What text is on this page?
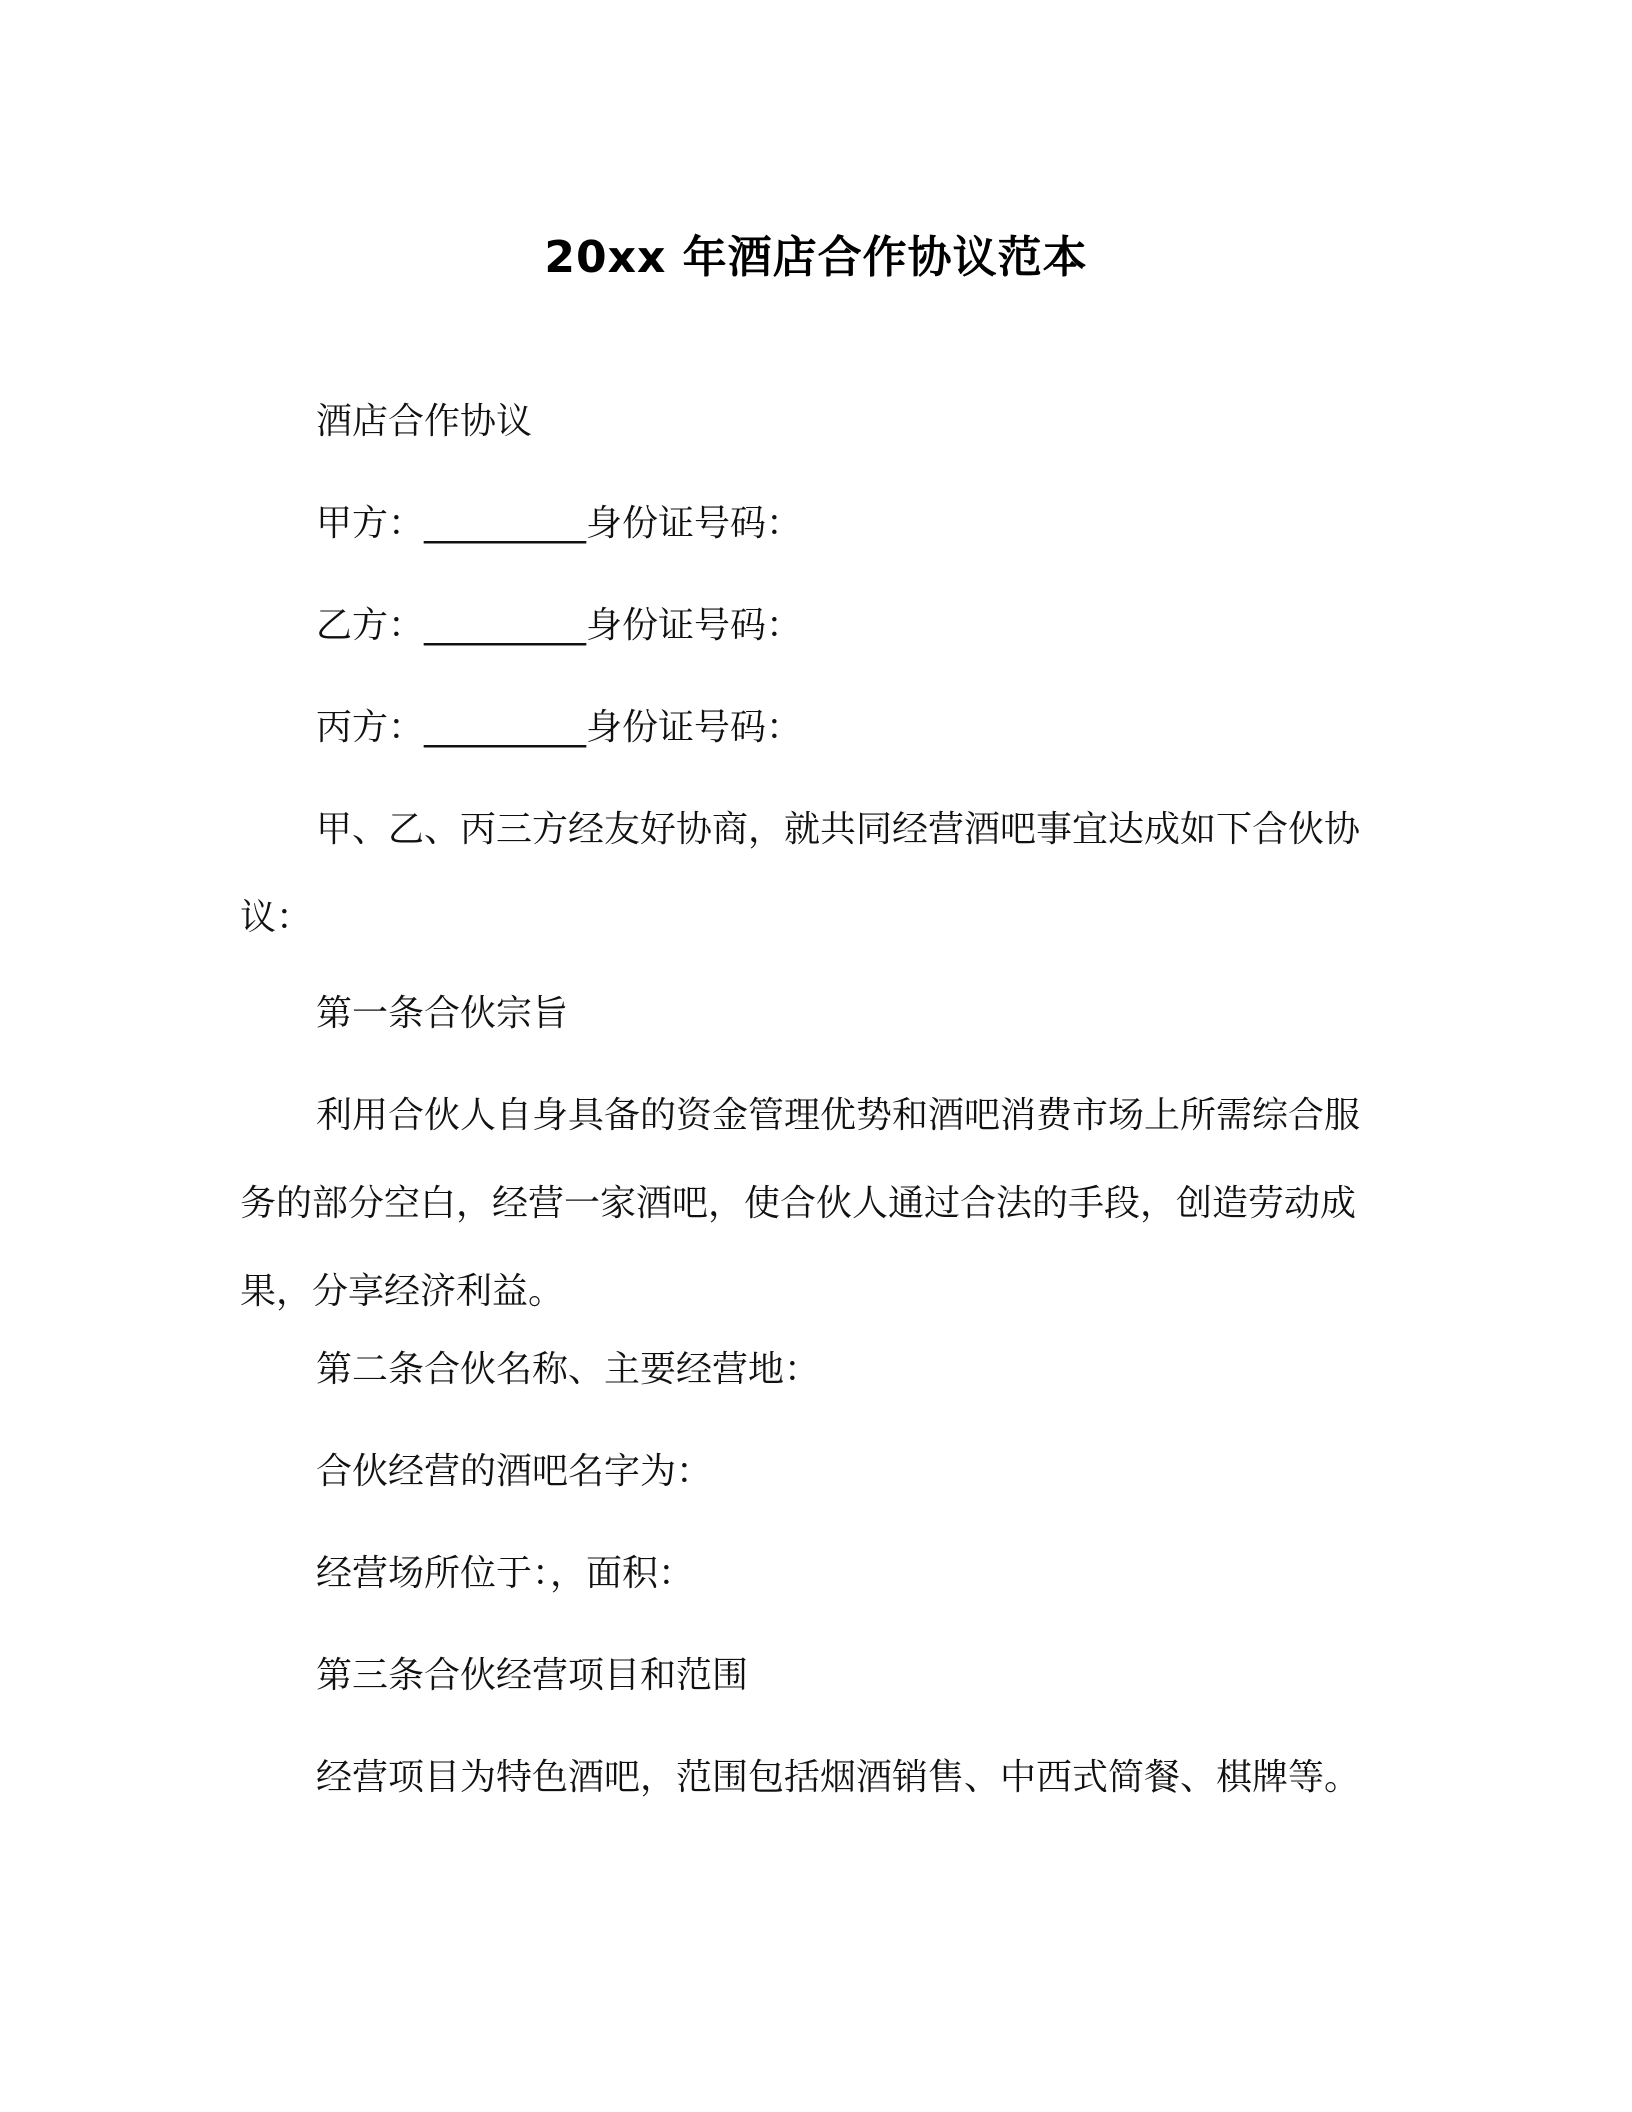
20xx 年酒店合作协议范本
酒店合作协议
甲方：_________身份证号码：
乙方：_________身份证号码：
丙方：_________身份证号码：
甲、乙、丙三方经友好协商，就共同经营酒吧事宜达成如下合伙协议：
第一条合伙宗旨
利用合伙人自身具备的资金管理优势和酒吧消费市场上所需综合服务的部分空白，经营一家酒吧，使合伙人通过合法的手段，创造劳动成果，分享经济利益。
第二条合伙名称、主要经营地：
合伙经营的酒吧名字为：
经营场所位于：，面积：
第三条合伙经营项目和范围
经营项目为特色酒吧，范围包括烟酒销售、中西式简餐、棋牌等。
